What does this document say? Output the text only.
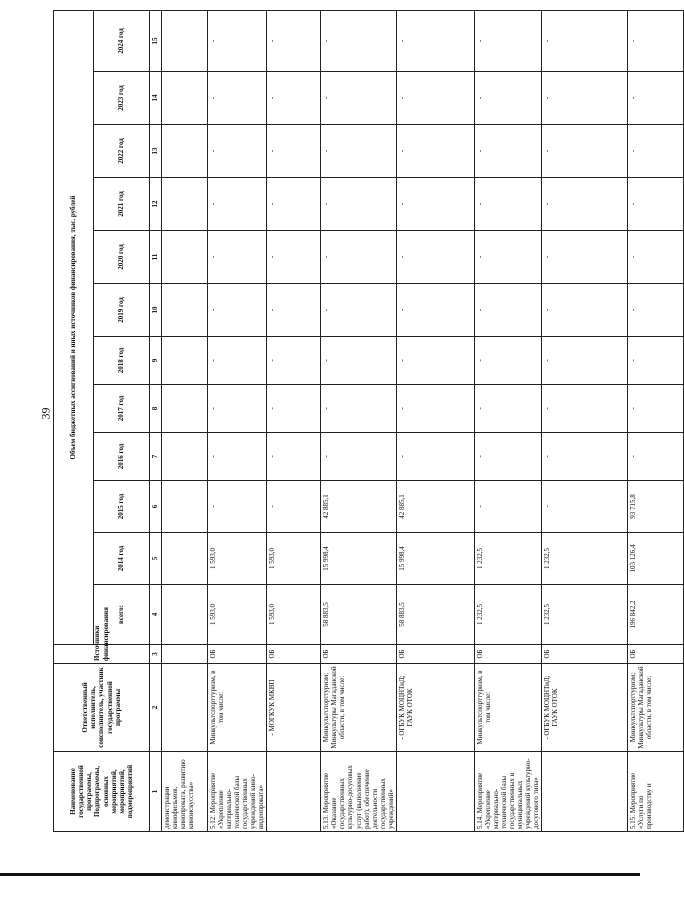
39
Наименование государственной программы, Подпрограммы, основных мероприятий, мероприятий, подмероприятий	Ответственный исполнитель, соисполнитель, участник государственной программы	Источники финансирования	Объем бюджетных ассигнований и иных источников финансирования, тыс. рублей											
			всего:	2014 год	2015 год	2016 год	2017 год	2018 год	2019 год	2020 год	2021 год	2022 год	2023 год	2024 год
1	2	3	4	5	6	7	8	9	10	11	12	13	14	15
демонстрации кинофильмов, кинопроката, развитию киноискусства»														
5.12. Мероприятие «Укрепление материально-технической базы государственных учреждений кино-видеопроката»	Минкультспорттуризм, в том числе:	ОБ	1 593,0	1 593,0	-	-	-	-	-	-	-	-	-	-
	- МОГКУК МКВП	ОБ	1 593,0	1 593,0	-	-	-	-	-	-	-	-	-	-
5.13. Мероприятие «Оказание государственных культурно-досуговых услуг (выполнение работ), обеспечение деятельности государственных учреждений»	Минкультспорттуризм; Минкультуры Магаданской области, в том числе:	ОБ	58 883,5	15 998,4	42 885,1	-	-	-	-	-	-	-	-	-
	- ОГБУК МОЦНТиД; ГАУК ОТОК	ОБ	58 883,5	15 998,4	42 885,1	-	-	-	-	-	-	-	-	-
5.14. Мероприятие «Укрепление материально-технической базы государственных и муниципальных учреждений культурно-досугового типа»	Минкультспорттуризм, в том числе:	ОБ	1 232,5	1 232,5	-	-	-	-	-	-	-	-	-	-
	- ОГБУК МОЦНТиД; ГАУК ОТОК	ОБ	1 232,5	1 232,5	-	-	-	-	-	-	-	-	-	-
5.15. Мероприятие «Услуги по производству и	Минкультспорттуризм; Минкультуры Магаданской области, в том числе:	ОБ	196 842,2	103 126,4	93 715,8	-	-	-	-	-	-	-	-	-
